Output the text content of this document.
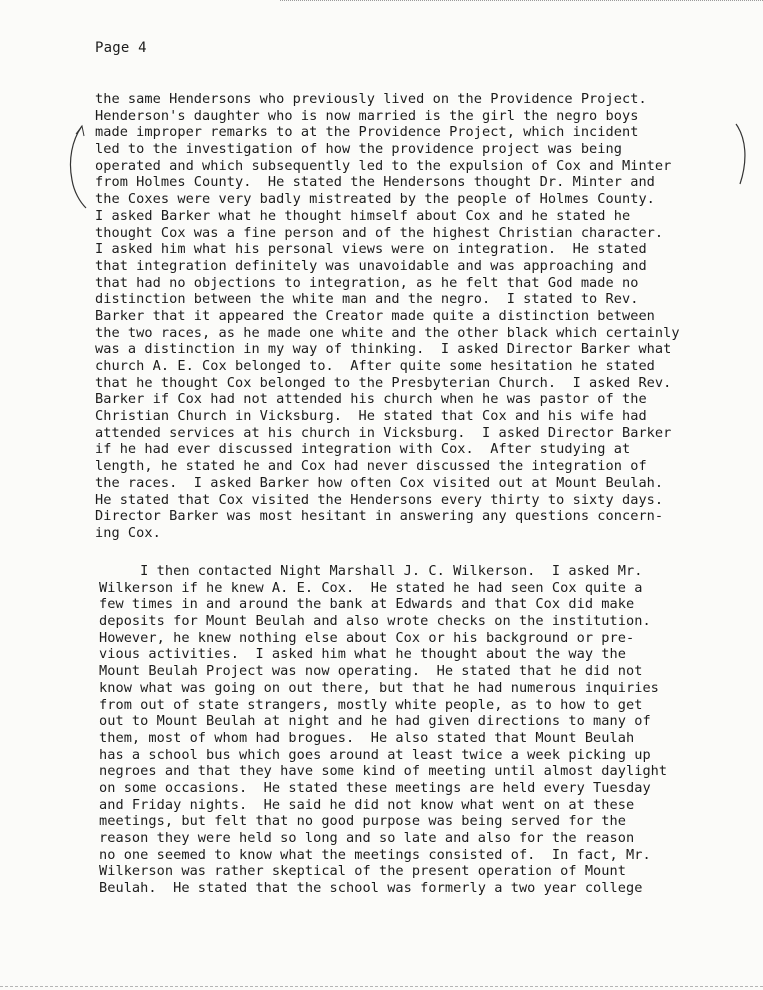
Page 4
the same Hendersons who previously lived on the Providence Project.
Henderson's daughter who is now married is the girl the negro boys
made improper remarks to at the Providence Project, which incident
led to the investigation of how the providence project was being
operated and which subsequently led to the expulsion of Cox and Minter
from Holmes County.  He stated the Hendersons thought Dr. Minter and
the Coxes were very badly mistreated by the people of Holmes County.
I asked Barker what he thought himself about Cox and he stated he
thought Cox was a fine person and of the highest Christian character.
I asked him what his personal views were on integration.  He stated
that integration definitely was unavoidable and was approaching and
that had no objections to integration, as he felt that God made no
distinction between the white man and the negro.  I stated to Rev.
Barker that it appeared the Creator made quite a distinction between
the two races, as he made one white and the other black which certainly
was a distinction in my way of thinking.  I asked Director Barker what
church A. E. Cox belonged to.  After quite some hesitation he stated
that he thought Cox belonged to the Presbyterian Church.  I asked Rev.
Barker if Cox had not attended his church when he was pastor of the
Christian Church in Vicksburg.  He stated that Cox and his wife had
attended services at his church in Vicksburg.  I asked Director Barker
if he had ever discussed integration with Cox.  After studying at
length, he stated he and Cox had never discussed the integration of
the races.  I asked Barker how often Cox visited out at Mount Beulah.
He stated that Cox visited the Hendersons every thirty to sixty days.
Director Barker was most hesitant in answering any questions concern-
ing Cox.
I then contacted Night Marshall J. C. Wilkerson.  I asked Mr.
Wilkerson if he knew A. E. Cox.  He stated he had seen Cox quite a
few times in and around the bank at Edwards and that Cox did make
deposits for Mount Beulah and also wrote checks on the institution.
However, he knew nothing else about Cox or his background or pre-
vious activities.  I asked him what he thought about the way the
Mount Beulah Project was now operating.  He stated that he did not
know what was going on out there, but that he had numerous inquiries
from out of state strangers, mostly white people, as to how to get
out to Mount Beulah at night and he had given directions to many of
them, most of whom had brogues.  He also stated that Mount Beulah
has a school bus which goes around at least twice a week picking up
negroes and that they have some kind of meeting until almost daylight
on some occasions.  He stated these meetings are held every Tuesday
and Friday nights.  He said he did not know what went on at these
meetings, but felt that no good purpose was being served for the
reason they were held so long and so late and also for the reason
no one seemed to know what the meetings consisted of.  In fact, Mr.
Wilkerson was rather skeptical of the present operation of Mount
Beulah.  He stated that the school was formerly a two year college
